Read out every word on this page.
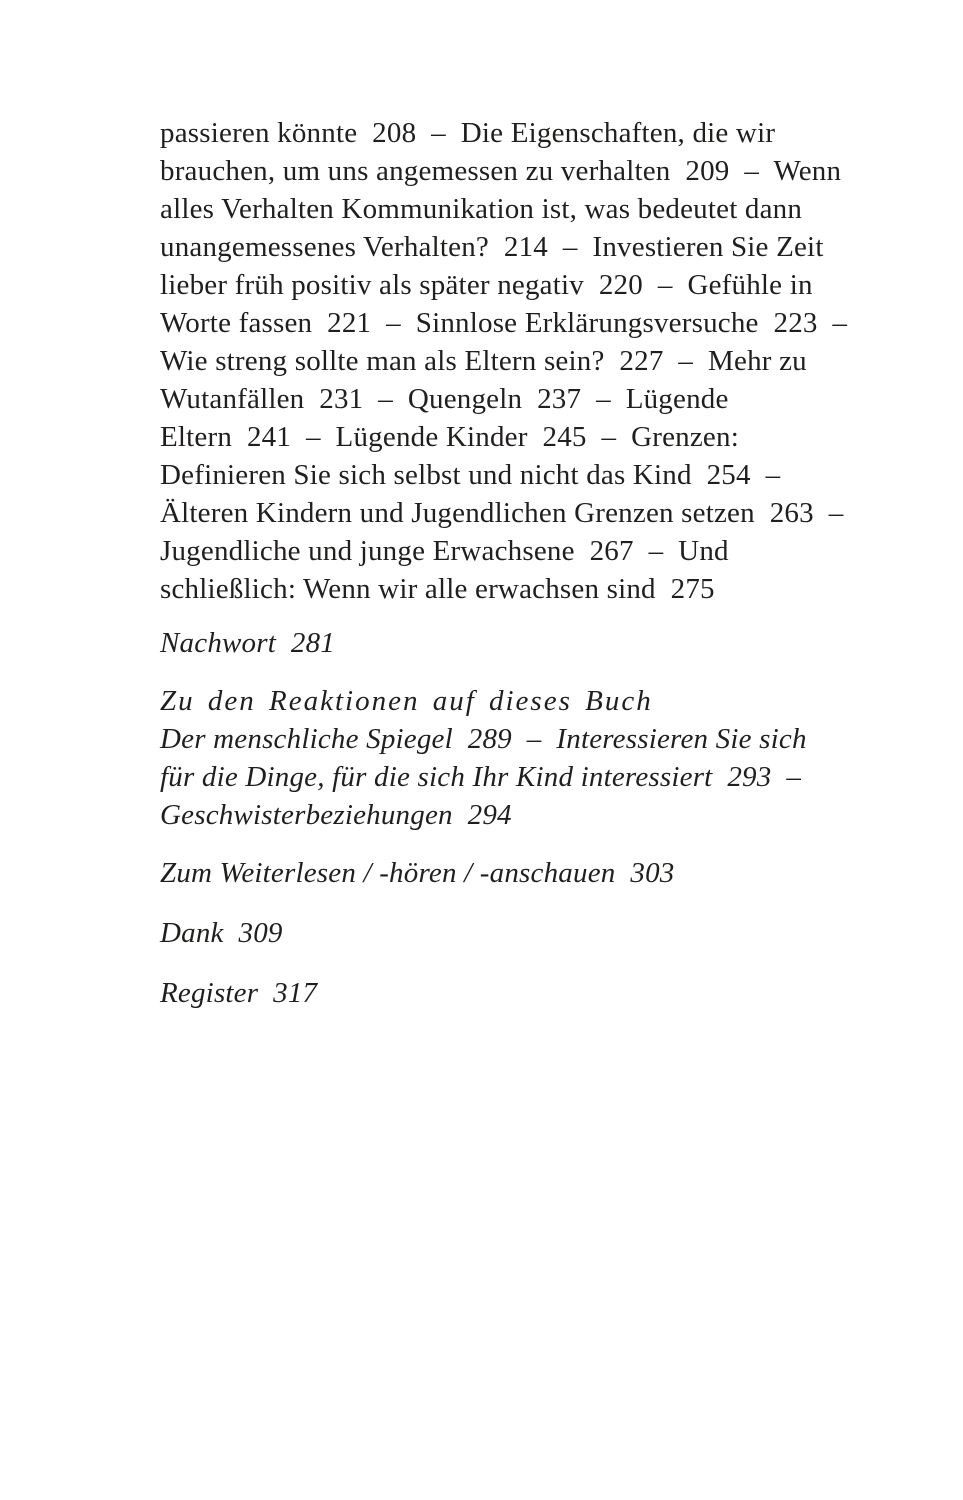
passieren könnte  208  –  Die Eigenschaften, die wir
brauchen, um uns angemessen zu verhalten  209  –  Wenn
alles Verhalten Kommunikation ist, was bedeutet dann
unangemessenes Verhalten?  214  –  Investieren Sie Zeit
lieber früh positiv als später negativ  220  –  Gefühle in
Worte fassen  221  –  Sinnlose Erklärungsversuche  223  –
Wie streng sollte man als Eltern sein?  227  –  Mehr zu
Wutanfällen  231  –  Quengeln  237  –  Lügende
Eltern  241  –  Lügende Kinder  245  –  Grenzen:
Definieren Sie sich selbst und nicht das Kind  254  –
Älteren Kindern und Jugendlichen Grenzen setzen  263  –
Jugendliche und junge Erwachsene  267  –  Und
schließlich: Wenn wir alle erwachsen sind  275
Nachwort  281
Zu den Reaktionen auf dieses Buch
Der menschliche Spiegel  289  –  Interessieren Sie sich
für die Dinge, für die sich Ihr Kind interessiert  293  –
Geschwisterbeziehungen  294
Zum Weiterlesen / -hören / -anschauen  303
Dank  309
Register  317
